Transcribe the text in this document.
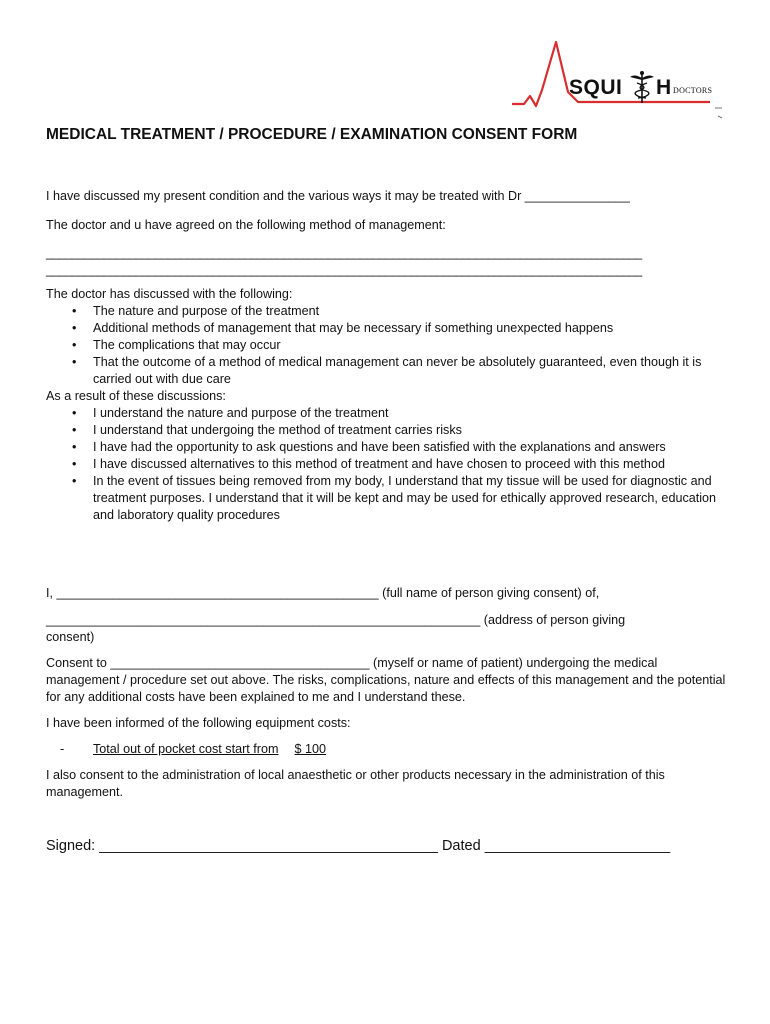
SQUI H DOCTORS
MEDICAL TREATMENT / PROCEDURE / EXAMINATION CONSENT FORM
I have discussed my present condition and the various ways it may be treated with Dr _______________
The doctor and u have agreed on the following method of management:
_____________________________________________________________________________________________
_____________________________________________________________________________________________
The doctor has discussed with the following:
• The nature and purpose of the treatment
• Additional methods of management that may be necessary if something unexpected happens
• The complications that may occur
• That the outcome of a method of medical management can never be absolutely guaranteed, even though it is carried out with due care
As a result of these discussions:
• I understand the nature and purpose of the treatment
• I understand that undergoing the method of treatment carries risks
• I have had the opportunity to ask questions and have been satisfied with the explanations and answers
• I have discussed alternatives to this method of treatment and have chosen to proceed with this method
• In the event of tissues being removed from my body, I understand that my tissue will be used for diagnostic and treatment purposes. I understand that it will be kept and may be used for ethically approved research, education and laboratory quality procedures
I, ______________________________________________ (full name of person giving consent) of,
______________________________________________________________ (address of person giving
consent)
Consent to _____________________________________ (myself or name of patient) undergoing the medical management / procedure set out above. The risks, complications, nature and effects of this management and the potential for any additional costs have been explained to me and I understand these.
I have been informed of the following equipment costs:
- Total out of pocket cost start from $ 100
I also consent to the administration of local anaesthetic or other products necessary in the administration of this management.
Signed: __________________________________________ Dated _______________________
